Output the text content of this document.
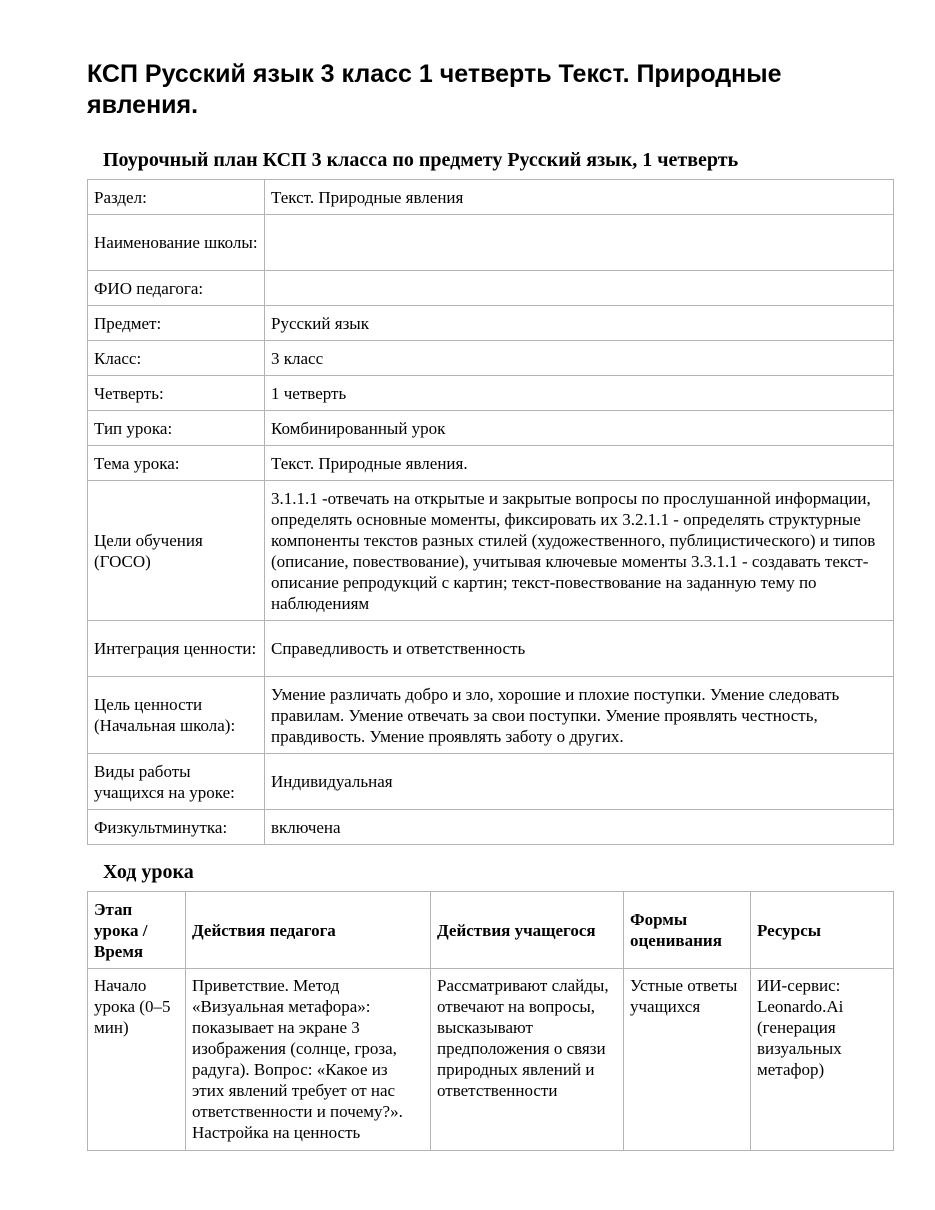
КСП Русский язык 3 класс 1 четверть Текст. Природные явления.
Поурочный план КСП 3 класса по предмету Русский язык, 1 четверть
Раздел:	Текст. Природные явления
Наименование школы:	
ФИО педагога:	
Предмет:	Русский язык
Класс:	3 класс
Четверть:	1 четверть
Тип урока:	Комбинированный урок
Тема урока:	Текст. Природные явления.
Цели обучения (ГОСО)	3.1.1.1 -отвечать на открытые и закрытые вопросы по прослушанной информации, определять основные моменты, фиксировать их 3.2.1.1 - определять структурные компоненты текстов разных стилей (художественного, публицистического) и типов (описание, повествование), учитывая ключевые моменты 3.3.1.1 - создавать текст-описание репродукций с картин; текст-повествование на заданную тему по наблюдениям
Интеграция ценности:	Справедливость и ответственность
Цель ценности (Начальная школа):	Умение различать добро и зло, хорошие и плохие поступки. Умение следовать правилам. Умение отвечать за свои поступки. Умение проявлять честность, правдивость. Умение проявлять заботу о других.
Виды работы учащихся на уроке:	Индивидуальная
Физкультминутка:	включена
Ход урока
Этап урока / Время	Действия педагога	Действия учащегося	Формы оценивания	Ресурсы
Начало урока (0–5 мин)	Приветствие. Метод «Визуальная метафора»: показывает на экране 3 изображения (солнце, гроза, радуга). Вопрос: «Какое из этих явлений требует от нас ответственности и почему?». Настройка на ценность	Рассматривают слайды, отвечают на вопросы, высказывают предположения о связи природных явлений и ответственности	Устные ответы учащихся	ИИ-сервис: Leonardo.Ai (генерация визуальных метафор)
